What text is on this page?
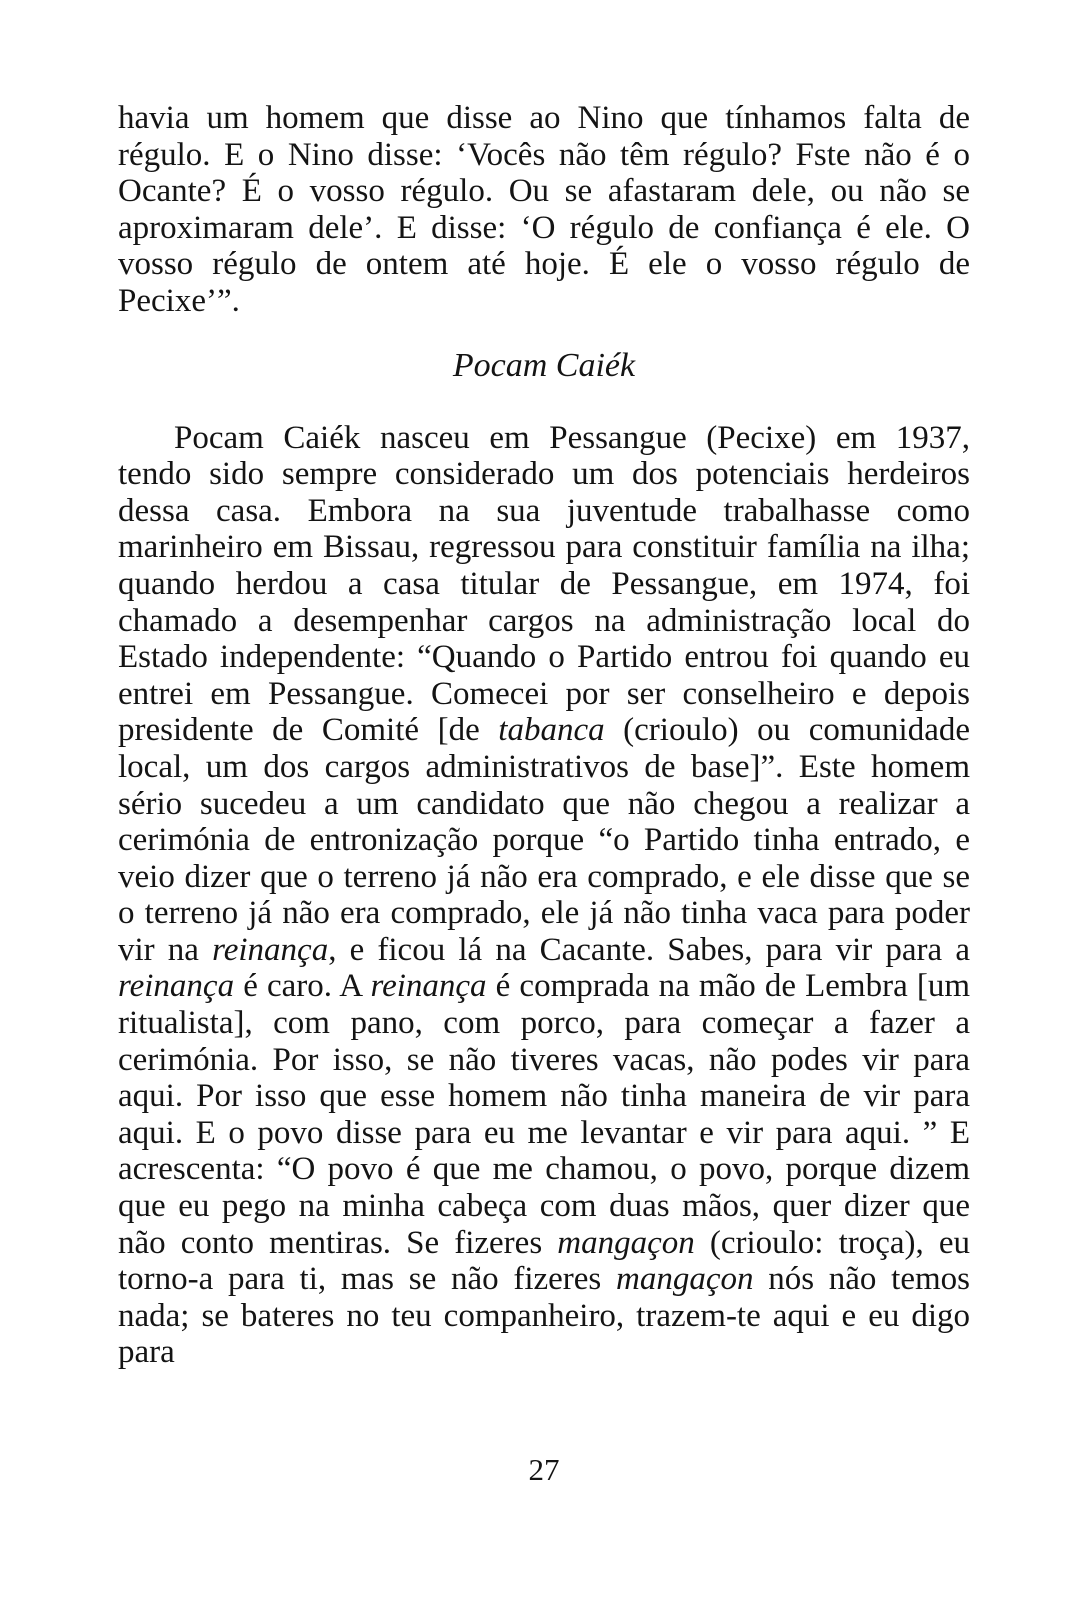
havia um homem que disse ao Nino que tínhamos falta de régulo. E o Nino disse: ‘Vocês não têm régulo? Fste não é o Ocante? É o vosso régulo. Ou se afastaram dele, ou não se aproximaram dele’. E disse: ‘O régulo de confiança é ele. O vosso régulo de ontem até hoje. É ele o vosso régulo de Pecixe’”.

Pocam Caiék

Pocam Caiék nasceu em Pessangue (Pecixe) em 1937, tendo sido sempre considerado um dos potenciais herdeiros dessa casa. Embora na sua juventude trabalhasse como marinheiro em Bissau, regressou para constituir família na ilha; quando herdou a casa titular de Pessangue, em 1974, foi chamado a desempenhar cargos na administração local do Estado independente: “Quando o Partido entrou foi quando eu entrei em Pessangue. Comecei por ser conselheiro e depois presidente de Comité [de tabanca (crioulo) ou comunidade local, um dos cargos administrativos de base]”. Este homem sério sucedeu a um candidato que não chegou a realizar a cerimónia de entronização porque “o Partido tinha entrado, e veio dizer que o terreno já não era comprado, e ele disse que se o terreno já não era comprado, ele já não tinha vaca para poder vir na reinança, e ficou lá na Cacante. Sabes, para vir para a reinança é caro. A reinança é comprada na mão de Lembra [um ritualista], com pano, com porco, para começar a fazer a cerimónia. Por isso, se não tiveres vacas, não podes vir para aqui. Por isso que esse homem não tinha maneira de vir para aqui. E o povo disse para eu me levantar e vir para aqui. ” E acrescenta: “O povo é que me chamou, o povo, porque dizem que eu pego na minha cabeça com duas mãos, quer dizer que não conto mentiras. Se fizeres mangaçon (crioulo: troça), eu torno-a para ti, mas se não fizeres mangaçon nós não temos nada; se bateres no teu companheiro, trazem-te aqui e eu digo para

27
